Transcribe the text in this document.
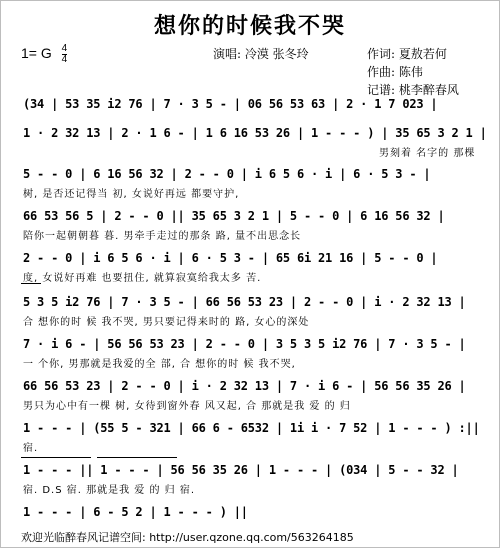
想你的时候我不哭
1= G $\frac{4}{4}$	演唱: 冷漠 张冬玲	作词: 夏敖若何
作曲: 陈伟
记谱: 桃李醉春风
(34 | 53 35 i2 76 | 7 · 3 5 - | 06 56 53 63 | 2 · 1 7 023 |
1 · 2 32 13 | 2 · 1 6 - | 1 6 16 53 26 | 1 - - - ) | 35 65 3 2 1 |
男刻着 名字的 那棵
5 - - 0 | 6 16 56 32 | 2 - - 0 | i 6 5 6 · i | 6 · 5 3 - |
树, 是否还记得当 初, 女说好再远 都要守护,
66 53 56 5 | 2 - - 0 || 35 65 3 2 1 | 5 - - 0 | 6 16 56 32 |
陪你一起朝朝暮 暮. 男牵手走过的那条 路, 量不出思念长
2 - - 0 | i 6 5 6 · i | 6 · 5 3 - | 65 6i 21 16 | 5 - - 0 |
度, 女说好再难 也要扭住, 就算寂寞给我太多 苦.
5 3 5 i2 76 | 7 · 3 5 - | 66 56 53 23 | 2 - - 0 | i · 2 32 13 |
合 想你的时 候 我不哭, 男只要记得来时的 路, 女心的深处
7 · i 6 - | 56 56 53 23 | 2 - - 0 | 3 5 3 5 i2 76 | 7 · 3 5 - |
一 个你, 男那就是我爱的全 部, 合 想你的时 候 我不哭,
66 56 53 23 | 2 - - 0 | i · 2 32 13 | 7 · i 6 - | 56 56 35 26 |
男只为心中有一棵 树, 女待到窗外春 风又起, 合 那就是我 爱 的 归
1 - - - | (55 5 - 321 | 66 6 - 6532 | 1i i · 7 52 | 1 - - - ) :||
宿.
1 - - - || 1 - - - | 56 56 35 26 | 1 - - - | (034 | 5 - - 32 |
宿. D.S 宿. 那就是我 爱 的 归 宿.
1 - - - | 6 - 5 2 | 1 - - - ) ||
欢迎光临醉春风记谱空间: http://user.qzone.qq.com/563264185
